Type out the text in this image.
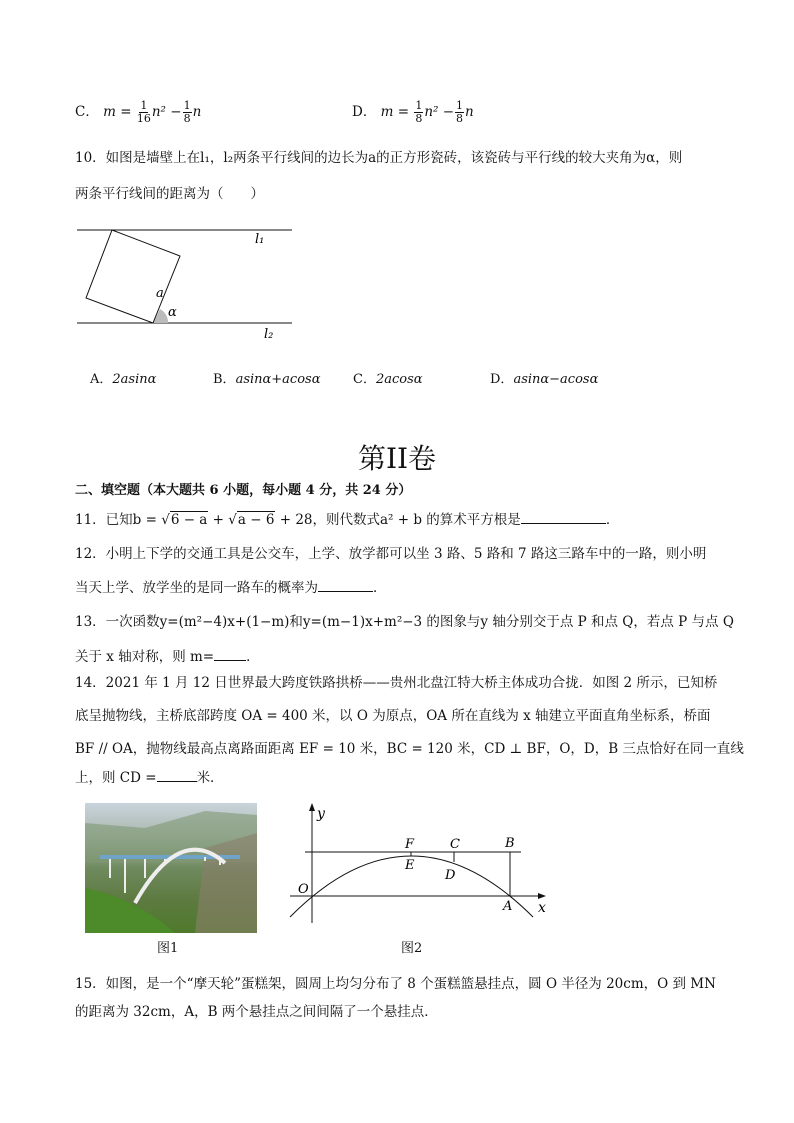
C． $m = \frac{1}{16} n^2 - \frac{1}{8}$ n	D． $m = \frac{1}{8} n^2 - \frac{1}{8}$ n
10．如图是墙壁上在l₁，l₂两条平行线间的边长为a的正方形瓷砖，该瓷砖与平行线的较大夹角为α，则
两条平行线间的距离为（　　）
l₁
l₂
a
α
A．2asinα	B．asinα+acosα	C．2acosα	D．asinα−acosα
第II卷
二、填空题（本大题共 6 小题，每小题 4 分，共 24 分）
11．已知b = √6 − a + √a − 6 + 28，则代数式a² + b 的算术平方根是	．
12．小明上下学的交通工具是公交车，上学、放学都可以坐 3 路、5 路和 7 路这三路车中的一路，则小明
当天上学、放学坐的是同一路车的概率为	．
13．一次函数y=(m²−4)x+(1−m)和y=(m−1)x+m²−3 的图象与y 轴分别交于点 P 和点 Q，若点 P 与点 Q
关于 x 轴对称，则 m= ．
14．2021 年 1 月 12 日世界最大跨度铁路拱桥——贵州北盘江特大桥主体成功合拢．如图 2 所示，已知桥
底呈抛物线，主桥底部跨度 OA = 400 米，以 O 为原点，OA 所在直线为 x 轴建立平面直角坐标系，桥面
BF // OA，抛物线最高点离路面距离 EF = 10 米，BC = 120 米，CD ⊥ BF，O，D，B 三点恰好在同一直线
上，则 CD =	米．
图1
y
x
O
A
B
C
D
E
F
图2
15．如图，是一个“摩天轮”蛋糕架，圆周上均匀分布了 8 个蛋糕篮悬挂点，圆 O 半径为 20cm，O 到 MN
的距离为 32cm，A，B 两个悬挂点之间间隔了一个悬挂点．
